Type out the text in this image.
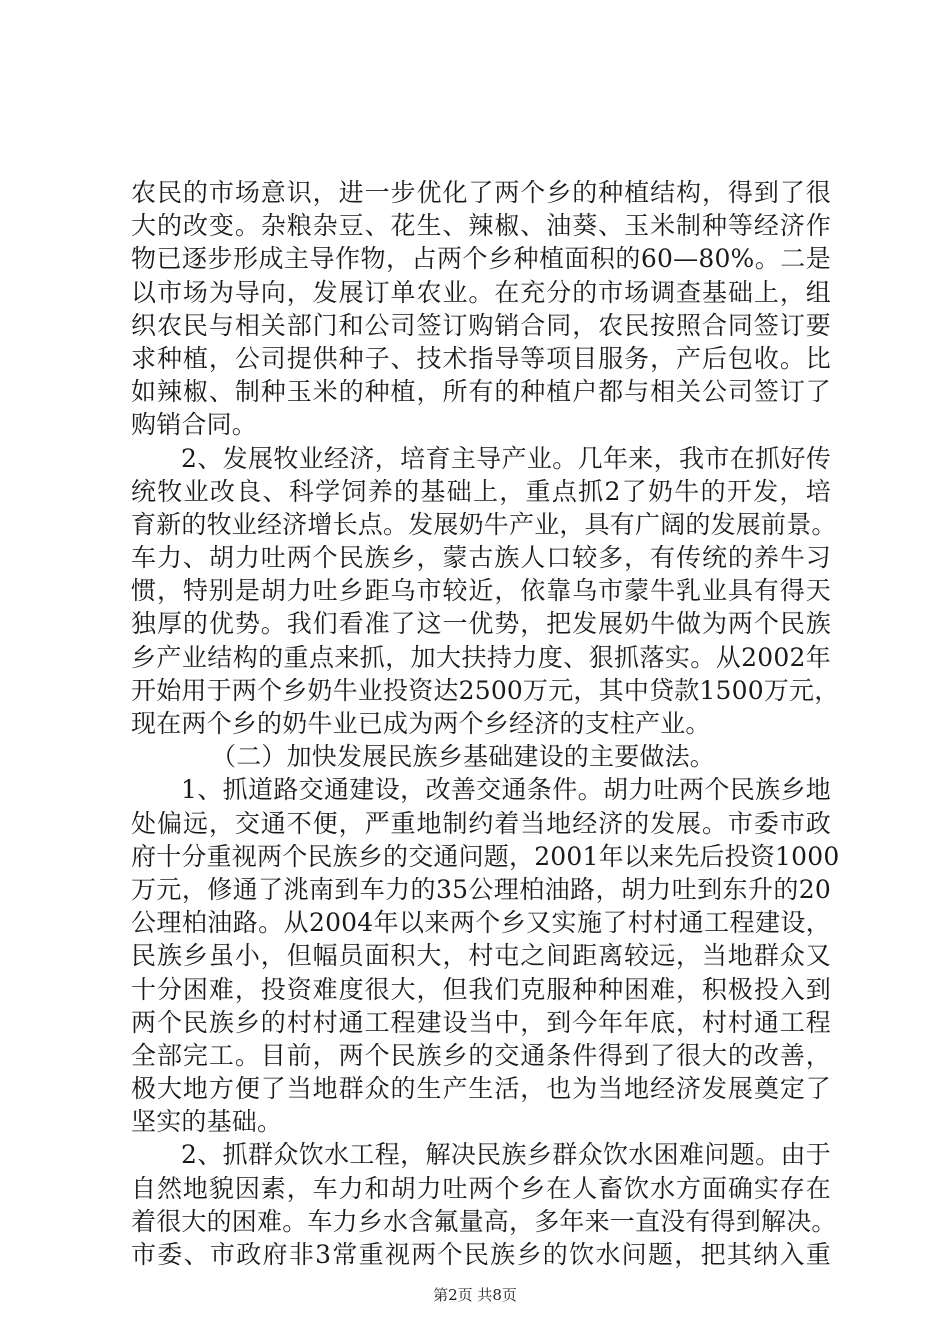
农民的市场意识，进一步优化了两个乡的种植结构，得到了很
大的改变。杂粮杂豆、花生、辣椒、油葵、玉米制种等经济作
物已逐步形成主导作物，占两个乡种植面积的60—80%。二是
以市场为导向，发展订单农业。在充分的市场调查基础上，组
织农民与相关部门和公司签订购销合同，农民按照合同签订要
求种植，公司提供种子、技术指导等项目服务，产后包收。比
如辣椒、制种玉米的种植，所有的种植户都与相关公司签订了
购销合同。
2、发展牧业经济，培育主导产业。几年来，我市在抓好传
统牧业改良、科学饲养的基础上，重点抓2了奶牛的开发，培
育新的牧业经济增长点。发展奶牛产业，具有广阔的发展前景。
车力、胡力吐两个民族乡，蒙古族人口较多，有传统的养牛习
惯，特别是胡力吐乡距乌市较近，依靠乌市蒙牛乳业具有得天
独厚的优势。我们看准了这一优势，把发展奶牛做为两个民族
乡产业结构的重点来抓，加大扶持力度、狠抓落实。从2002年
开始用于两个乡奶牛业投资达2500万元，其中贷款1500万元，
现在两个乡的奶牛业已成为两个乡经济的支柱产业。
（二）加快发展民族乡基础建设的主要做法。
1、抓道路交通建设，改善交通条件。胡力吐两个民族乡地
处偏远，交通不便，严重地制约着当地经济的发展。市委市政
府十分重视两个民族乡的交通问题，2001年以来先后投资1000
万元，修通了洮南到车力的35公理柏油路，胡力吐到东升的20
公理柏油路。从2004年以来两个乡又实施了村村通工程建设，
民族乡虽小，但幅员面积大，村屯之间距离较远，当地群众又
十分困难，投资难度很大，但我们克服种种困难，积极投入到
两个民族乡的村村通工程建设当中，到今年年底，村村通工程
全部完工。目前，两个民族乡的交通条件得到了很大的改善，
极大地方便了当地群众的生产生活，也为当地经济发展奠定了
坚实的基础。
2、抓群众饮水工程，解决民族乡群众饮水困难问题。由于
自然地貌因素，车力和胡力吐两个乡在人畜饮水方面确实存在
着很大的困难。车力乡水含氟量高，多年来一直没有得到解决。
市委、市政府非3常重视两个民族乡的饮水问题，把其纳入重
第2页 共8页
